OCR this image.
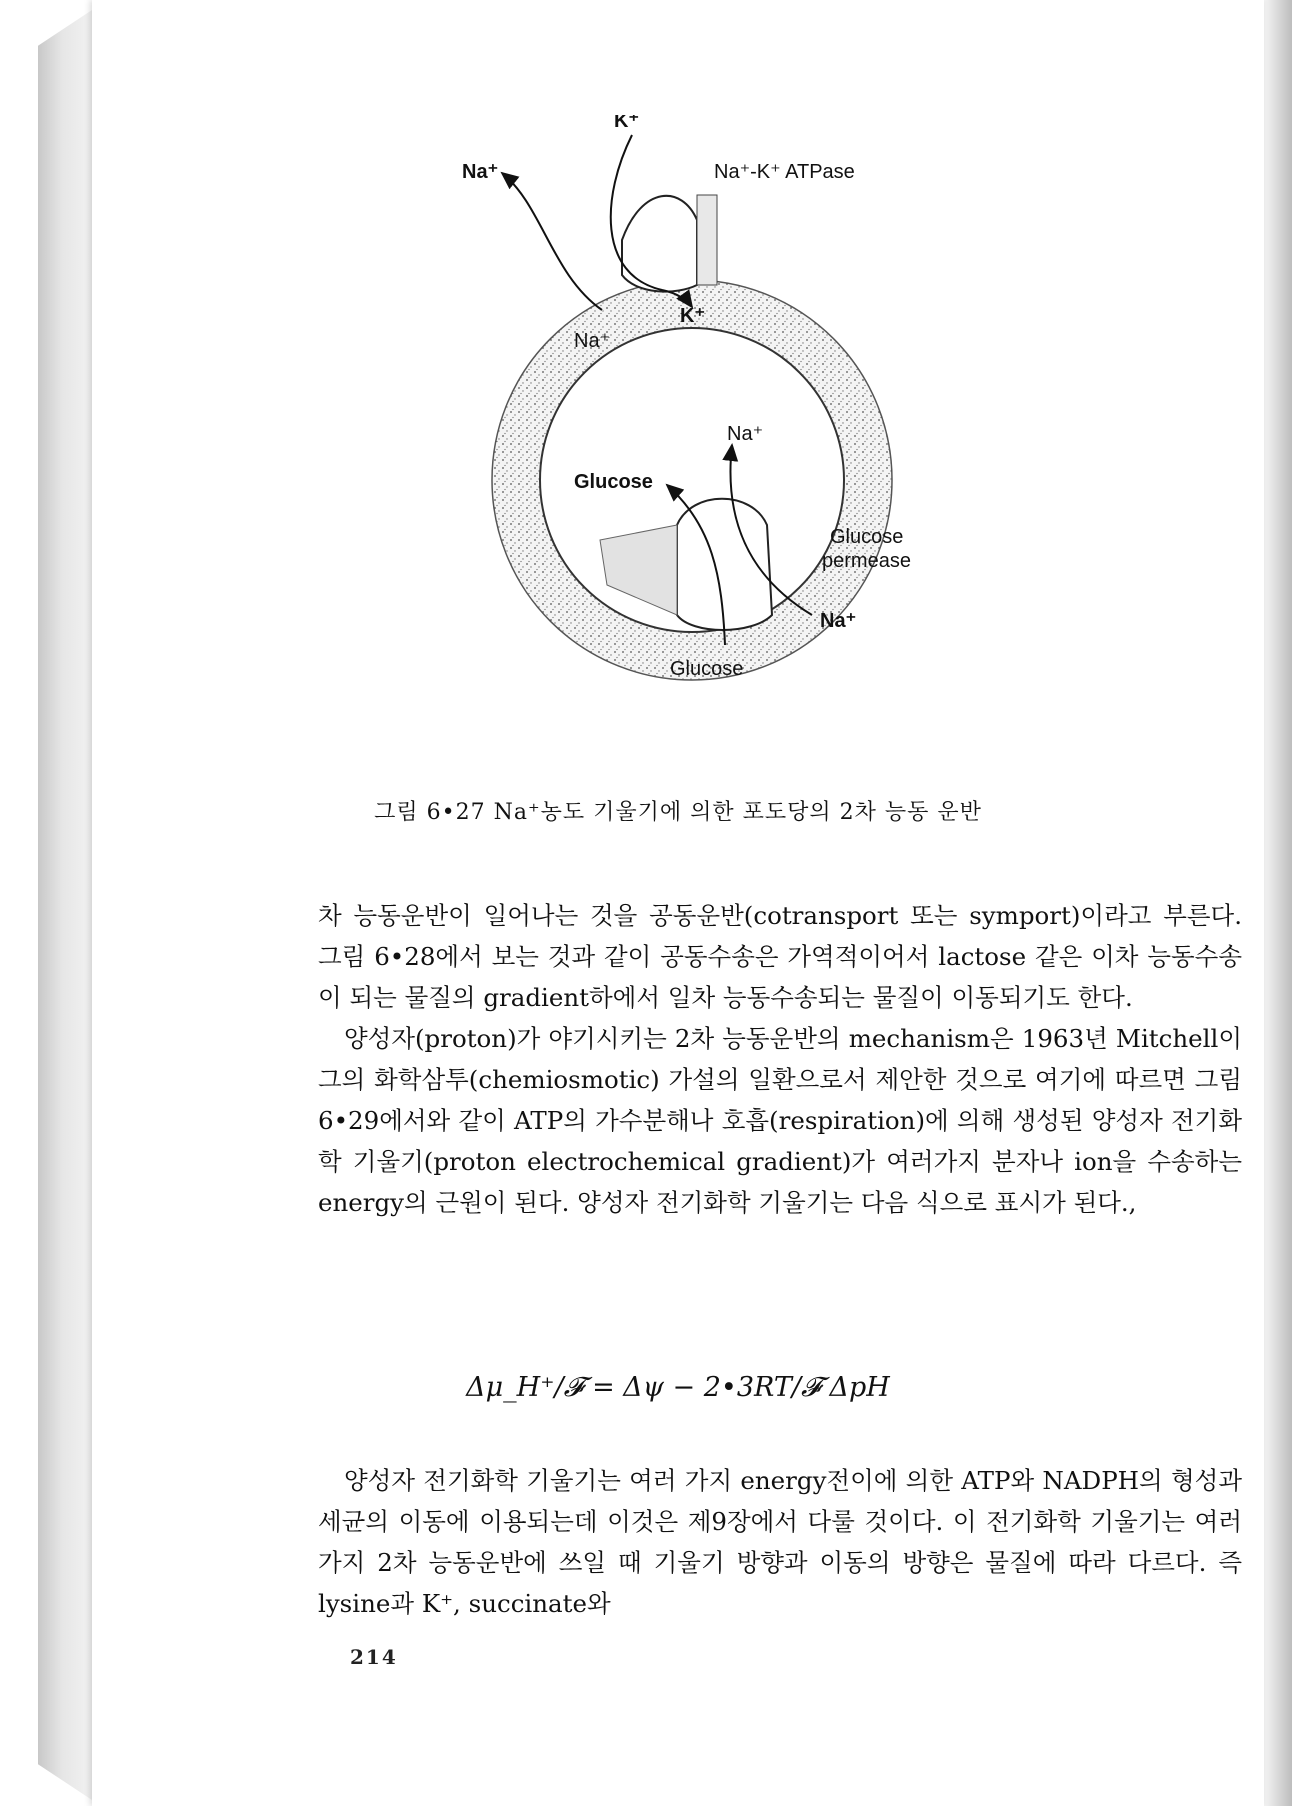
K⁺
Na⁺	Na⁺-K⁺ ATPase
K⁺
Na⁺
Na⁺
Glucose
Glucose
permease
Na⁺
Glucose
그림 6•27 Na⁺농도 기울기에 의한 포도당의 2차 능동 운반

차 능동운반이 일어나는 것을 공동운반(cotransport 또는 symport)이라고 부른다. 그림 6•28에서 보는 것과 같이 공동수송은 가역적이어서 lactose 같은 이차 능동수송이 되는 물질의 gradient하에서 일차 능동수송되는 물질이 이동되기도 한다.

양성자(proton)가 야기시키는 2차 능동운반의 mechanism은 1963년 Mitchell이 그의 화학삼투(chemiosmotic) 가설의 일환으로서 제안한 것으로 여기에 따르면 그림 6•29에서와 같이 ATP의 가수분해나 호흡(respiration)에 의해 생성된 양성자 전기화학 기울기(proton electrochemical gradient)가 여러가지 분자나 ion을 수송하는 energy의 근원이 된다. 양성자 전기화학 기울기는 다음 식으로 표시가 된다.,

Δμ_H⁺/𝓕 = Δψ − 2•3RT/𝓕 ΔpH

양성자 전기화학 기울기는 여러 가지 energy전이에 의한 ATP와 NADPH의 형성과 세균의 이동에 이용되는데 이것은 제9장에서 다룰 것이다. 이 전기화학 기울기는 여러가지 2차 능동운반에 쓰일 때 기울기 방향과 이동의 방향은 물질에 따라 다르다. 즉 lysine과 K⁺, succinate와

214
